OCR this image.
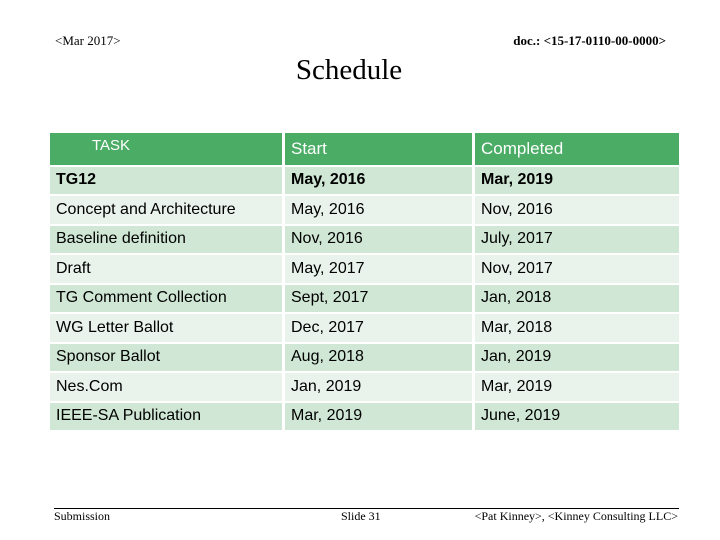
<Mar 2017>	doc.: <15-17-0110-00-0000>
Schedule
TASK	Start	Completed
TG12	May, 2016	Mar, 2019
Concept and Architecture	May, 2016	Nov, 2016
Baseline definition	Nov, 2016	July, 2017
Draft	May, 2017	Nov, 2017
TG Comment Collection	Sept, 2017	Jan, 2018
WG Letter Ballot	Dec, 2017	Mar, 2018
Sponsor Ballot	Aug, 2018	Jan, 2019
Nes.Com	Jan, 2019	Mar, 2019
IEEE-SA Publication	Mar, 2019	June, 2019
Submission	Slide 31	<Pat Kinney>, <Kinney Consulting LLC>
